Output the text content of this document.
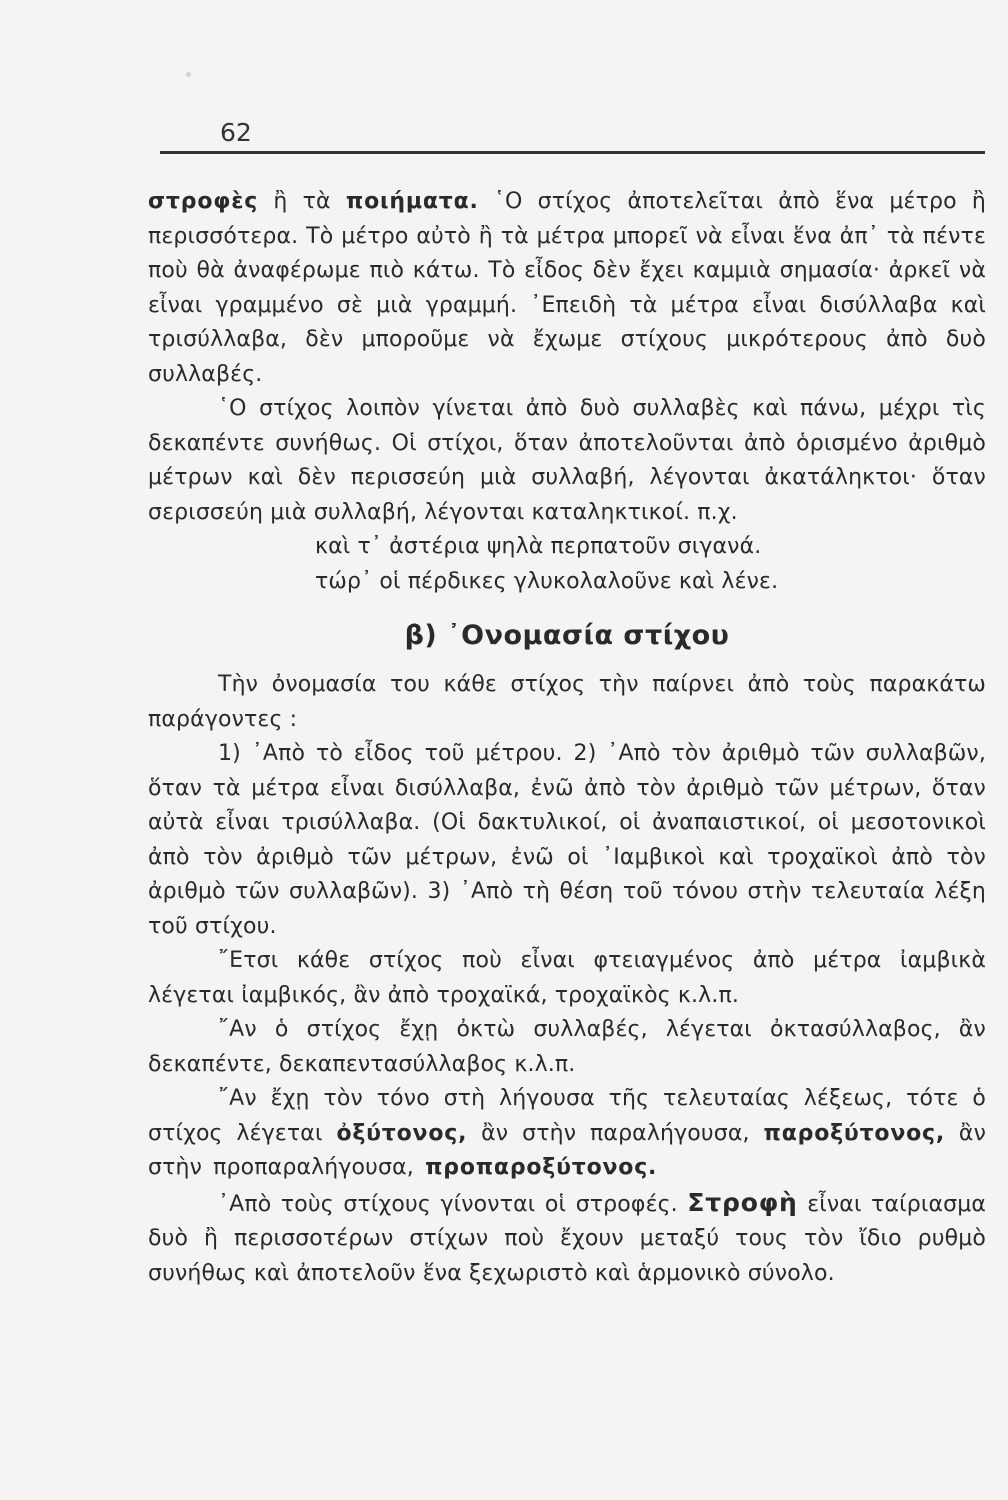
62

στροφὲς ἢ τὰ ποιήματα. ῾Ο στίχος ἀποτελεῖται ἀπὸ ἕνα μέτρο ἢ περισσότερα. Τὸ μέτρο αὐτὸ ἢ τὰ μέτρα μπορεῖ νὰ εἶναι ἕνα ἀπ᾽ τὰ πέντε ποὺ θὰ ἀναφέρωμε πιὸ κάτω. Τὸ εἶδος δὲν ἔχει καμμιὰ σημασία· ἀρκεῖ νὰ εἶναι γραμμένο σὲ μιὰ γραμμή. ᾽Επειδὴ τὰ μέτρα εἶναι δισύλλαβα καὶ τρισύλλαβα, δὲν μποροῦμε νὰ ἔχωμε στίχους μικρότερους ἀπὸ δυὸ συλλαβές.

῾Ο στίχος λοιπὸν γίνεται ἀπὸ δυὸ συλλαβὲς καὶ πάνω, μέχρι τὶς δεκαπέντε συνήθως. Οἱ στίχοι, ὅταν ἀποτελοῦνται ἀπὸ ὁρισμένο ἀριθμὸ μέτρων καὶ δὲν περισσεύη μιὰ συλλαβή, λέγονται ἀκατάληκτοι· ὅταν σερισσεύη μιὰ συλλαβή, λέγονται καταληκτικοί. π.χ.

καὶ τ᾽ ἀστέρια ψηλὰ περπατοῦν σιγανά.

τώρ᾽ οἱ πέρδικες γλυκολαλοῦνε καὶ λένε.

β) ᾽Ονομασία στίχου

Τὴν ὀνομασία του κάθε στίχος τὴν παίρνει ἀπὸ τοὺς παρακάτω παράγοντες :

1) ᾽Απὸ τὸ εἶδος τοῦ μέτρου. 2) ᾽Απὸ τὸν ἀριθμὸ τῶν συλλαβῶν, ὅταν τὰ μέτρα εἶναι δισύλλαβα, ἐνῶ ἀπὸ τὸν ἀριθμὸ τῶν μέτρων, ὅταν αὐτὰ εἶναι τρισύλλαβα. (Οἱ δακτυλικοί, οἱ ἀναπαιστικοί, οἱ μεσοτονικοὶ ἀπὸ τὸν ἀριθμὸ τῶν μέτρων, ἐνῶ οἱ ᾽Ιαμβικοὶ καὶ τροχαϊκοὶ ἀπὸ τὸν ἀριθμὸ τῶν συλλαβῶν). 3) ᾽Απὸ τὴ θέση τοῦ τόνου στὴν τελευταία λέξη τοῦ στίχου.

῎Ετσι κάθε στίχος ποὺ εἶναι φτειαγμένος ἀπὸ μέτρα ἰαμβικὰ λέγεται ἰαμβικός, ἂν ἀπὸ τροχαϊκά, τροχαϊκὸς κ.λ.π.

῎Αν ὁ στίχος ἔχῃ ὀκτὼ συλλαβές, λέγεται ὀκτασύλλαβος, ἂν δεκαπέντε, δεκαπεντασύλλαβος κ.λ.π.

῎Αν ἔχῃ τὸν τόνο στὴ λήγουσα τῆς τελευταίας λέξεως, τότε ὁ στίχος λέγεται ὀξύτονος, ἂν στὴν παραλήγουσα, παροξύτονος, ἂν στὴν προπαραλήγουσα, προπαροξύτονος.

᾽Απὸ τοὺς στίχους γίνονται οἱ στροφές. Στροφὴ εἶναι ταίριασμα δυὸ ἢ περισσοτέρων στίχων ποὺ ἔχουν μεταξύ τους τὸν ἴδιο ρυθμὸ συνήθως καὶ ἀποτελοῦν ἕνα ξεχωριστὸ καὶ ἁρμονικὸ σύνολο.
